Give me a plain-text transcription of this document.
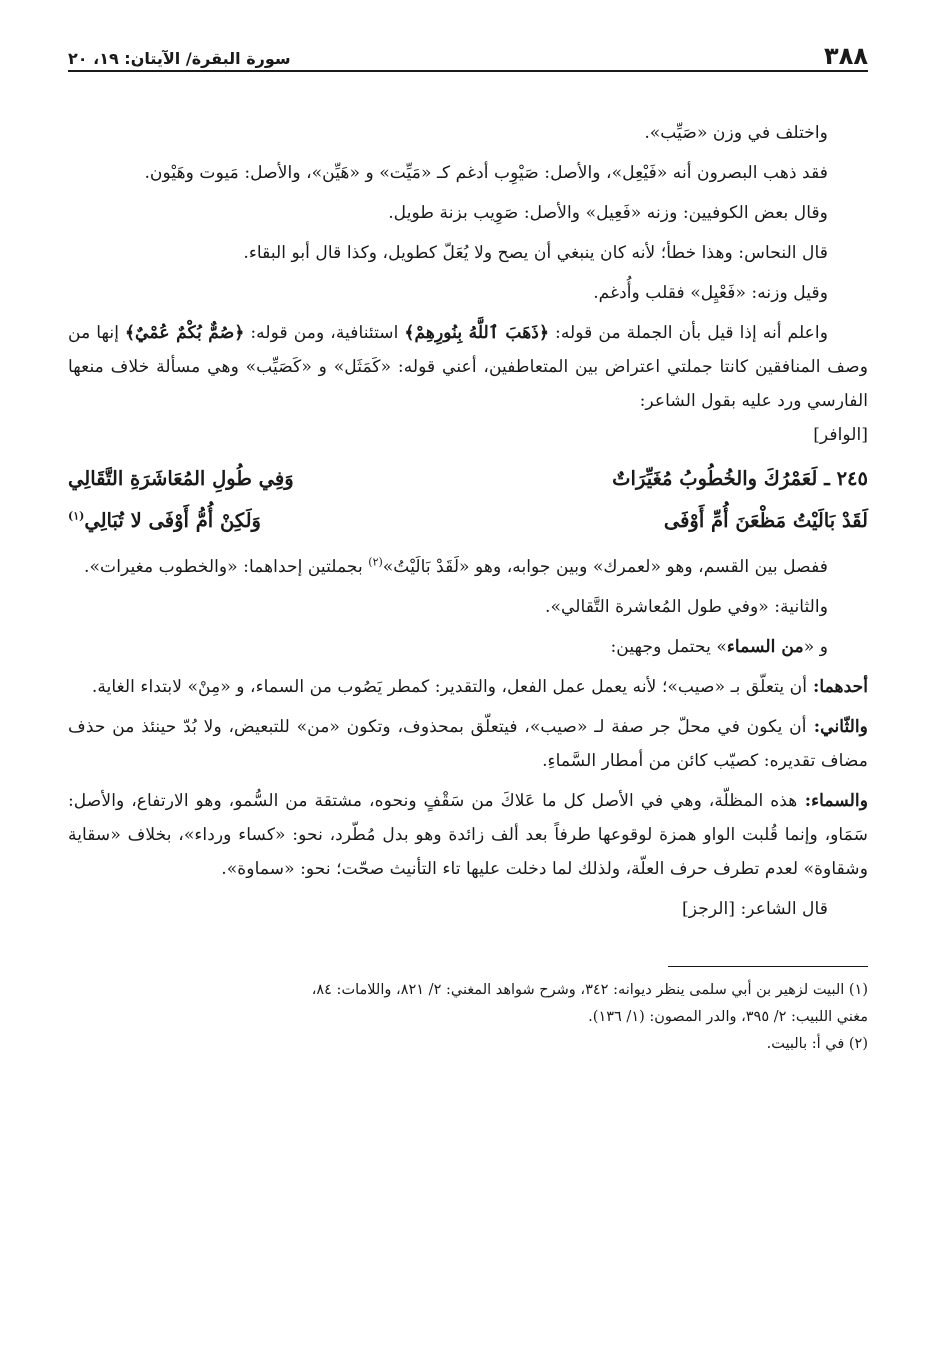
٣٨٨
سورة البقرة/ الآيتان: ١٩، ٢٠

واختلف في وزن «صَيِّب».

فقد ذهب البصرون أنه «فَيْعِل»، والأصل: صَيْوِب أدغم كـ «مَيِّت» و «هَيِّن»، والأصل: مَيوت وهَيْون.

وقال بعض الكوفيين: وزنه «فَعِيل» والأصل: صَوِيب بزنة طويل.

قال النحاس: وهذا خطأ؛ لأنه كان ينبغي أن يصح ولا يُعَلّ كطويل، وكذا قال أبو البقاء.

وقيل وزنه: «فَعْيِل» فقلب وأُدغم.

واعلم أنه إذا قيل بأن الجملة من قوله: ﴿ذَهَبَ ٱللَّهُ بِنُورِهِمْ﴾ استئنافية، ومن قوله: ﴿صُمٌّ بُكْمٌ عُمْيٌ﴾ إنها من وصف المنافقين كانتا جملتي اعتراض بين المتعاطفين، أعني قوله: «كَمَثَل» و «كَصَيِّب» وهي مسألة خلاف منعها الفارسي ورد عليه بقول الشاعر:
[الوافر]

٢٤٥ ـ لَعَمْرُكَ والخُطُوبُ مُغَيِّرَاتٌ
وَفِي طُولِ المُعَاشَرَةِ التَّقَالِي
لَقَدْ بَالَيْتُ مَظْعَنَ أُمِّ أَوْفَى
وَلَكِنْ أُمُّ أَوْفَى لا تُبَالِي$^{(١)}$

ففصل بين القسم، وهو «لعمرك» وبين جوابه، وهو «لَقَدْ بَالَيْتُ»$^{(٢)}$ بجملتين إحداهما: «والخطوب مغيرات».

والثانية: «وفي طول المُعاشرة التَّقالي».

و «من السماء» يحتمل وجهين:

أحدهما: أن يتعلّق بـ «صيب»؛ لأنه يعمل عمل الفعل، والتقدير: كمطر يَصُوب من السماء، و «مِنْ» لابتداء الغاية.

والثّاني: أن يكون في محلّ جر صفة لـ «صيب»، فيتعلّق بمحذوف، وتكون «من» للتبعيض، ولا بُدّ حينئذ من حذف مضاف تقديره: كصيّب كائن من أمطار السَّماءِ.

والسماء: هذه المظلّة، وهي في الأصل كل ما عَلاكَ من سَقْفٍ ونحوه، مشتقة من السُّمو، وهو الارتفاع، والأصل: سَمَاو، وإنما قُلبت الواو همزة لوقوعها طرفاً بعد ألف زائدة وهو بدل مُطّرد، نحو: «كساء ورداء»، بخلاف «سقاية وشقاوة» لعدم تطرف حرف العلّة، ولذلك لما دخلت عليها تاء التأنيث صحّت؛ نحو: «سماوة».

قال الشاعر: [الرجز]

(١) البيت لزهير بن أبي سلمى ينظر ديوانه: ٣٤٢، وشرح شواهد المغني: ٢/ ٨٢١، واللامات: ٨٤،

مغني اللبيب: ٢/ ٣٩٥، والدر المصون: (١/ ١٣٦).

(٢) في أ: بالبيت.
